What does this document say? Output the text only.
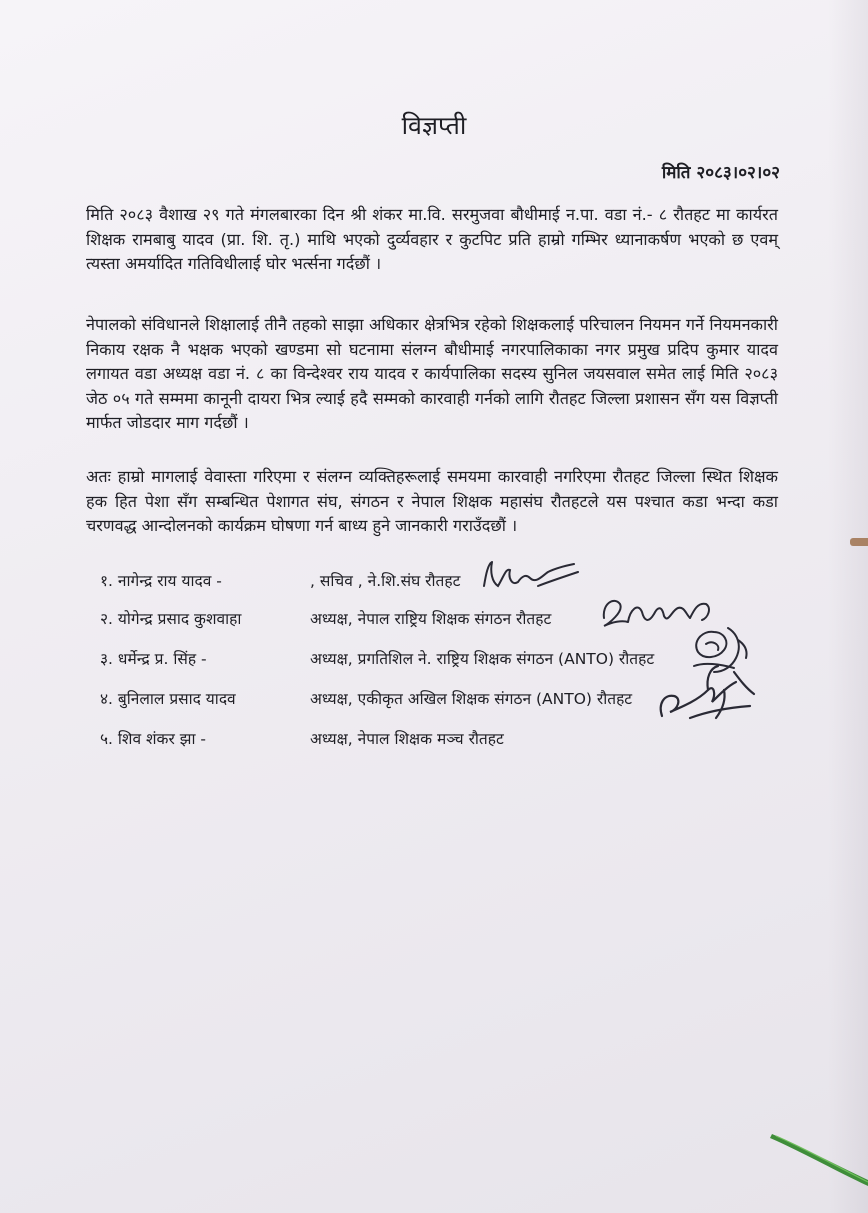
विज्ञप्ती
मिति २०८३।०२।०२

मिति २०८३ वैशाख २९ गते मंगलबारका दिन श्री शंकर मा.वि. सरमुजवा बौधीमाई न.पा. वडा नं.- ८ रौतहट मा कार्यरत शिक्षक रामबाबु यादव (प्रा. शि. तृ.) माथि भएको दुर्व्यवहार र कुटपिट प्रति हाम्रो गम्भिर ध्यानाकर्षण भएको छ एवम् त्यस्ता अमर्यादित गतिविधीलाई घोर भर्त्सना गर्दछौं ।

नेपालको संविधानले शिक्षालाई तीनै तहको साझा अधिकार क्षेत्रभित्र रहेको शिक्षकलाई परिचालन नियमन गर्ने नियमनकारी निकाय रक्षक नै भक्षक भएको खण्डमा सो घटनामा संलग्न बौधीमाई नगरपालिकाका नगर प्रमुख प्रदिप कुमार यादव लगायत वडा अध्यक्ष वडा नं. ८ का विन्देश्वर राय यादव र कार्यपालिका सदस्य सुनिल जयसवाल समेत लाई मिति २०८३ जेठ ०५ गते सम्ममा कानूनी दायरा भित्र ल्याई हदै सम्मको कारवाही गर्नको लागि रौतहट जिल्ला प्रशासन सँग यस विज्ञप्ती मार्फत जोडदार माग गर्दछौं ।

अतः हाम्रो मागलाई वेवास्ता गरिएमा र संलग्न व्यक्तिहरूलाई समयमा कारवाही नगरिएमा रौतहट जिल्ला स्थित शिक्षक हक हित पेशा सँग सम्बन्धित पेशागत संघ, संगठन र नेपाल शिक्षक महासंघ रौतहटले यस पश्चात कडा भन्दा कडा चरणवद्ध आन्दोलनको कार्यक्रम घोषणा गर्न बाध्य हुने जानकारी गराउँदछौं ।

१. नागेन्द्र राय यादव -	, सचिव , ने.शि.संघ रौतहट
२. योगेन्द्र प्रसाद कुशवाहा	अध्यक्ष, नेपाल राष्ट्रिय शिक्षक संगठन रौतहट
३. धर्मेन्द्र प्र. सिंह -	अध्यक्ष, प्रगतिशिल ने. राष्ट्रिय शिक्षक संगठन (ANTO) रौतहट
४. बुनिलाल प्रसाद यादव	अध्यक्ष, एकीकृत अखिल शिक्षक संगठन (ANTO) रौतहट
५. शिव शंकर झा -	अध्यक्ष, नेपाल शिक्षक मञ्च रौतहट
